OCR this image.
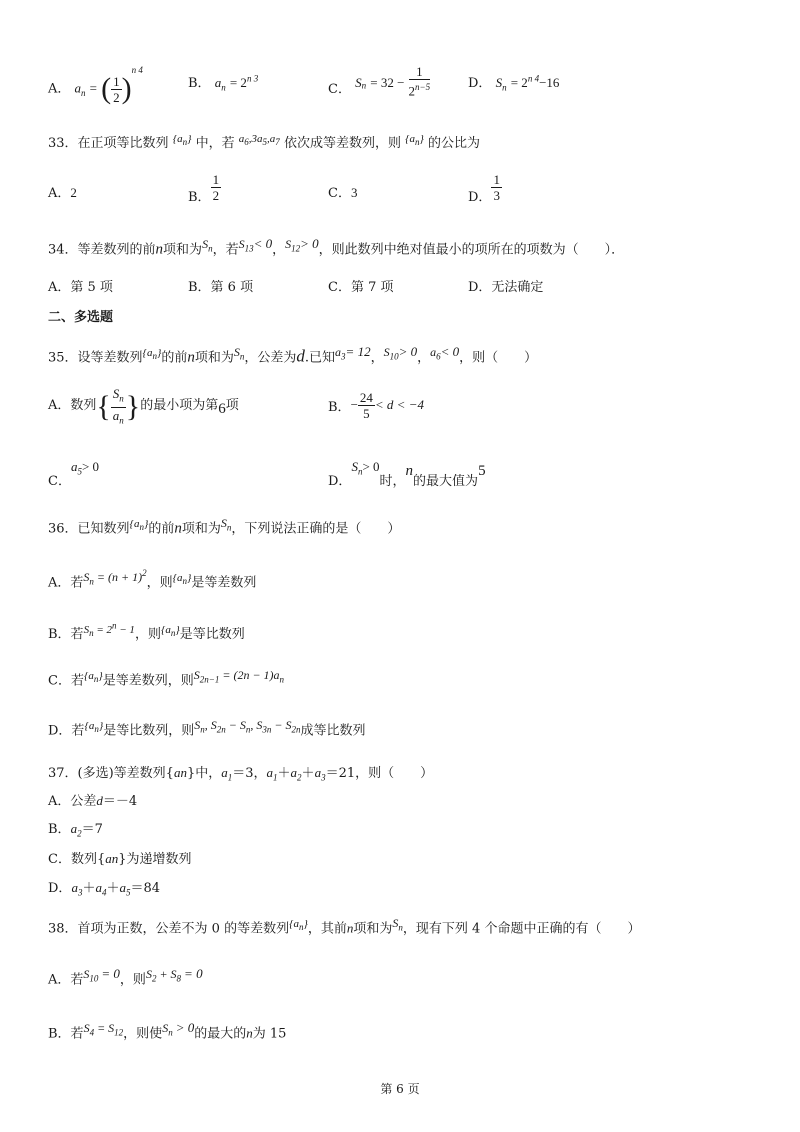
A． $a_n$ = ( $\frac{1}{2} )^{n 4}$
B． $a_n = 2^{n 3}$
C． $S_n = 32 - \frac{1}{2^{n-5}}$	D． $S_n = 2^{n 4}-16$
33．在正项等比数列 $^{\{a_n\}}$ 中，若 $^{a_6,3a_5,a_7}$ 依次成等差数列，则 $^{\{a_n\}}$ 的公比为
A．2	B． $\frac{1}{2}$	C．3	D． $\frac{1}{3}$
34．等差数列的前n项和为$^{S_n}$，若$^{S_{13}< 0}$，$^{S_{12}> 0}$，则此数列中绝对值最小的项所在的项数为（　　）．
A．第 5 项	B．第 6 项	C．第 7 项	D．无法确定
二、多选题
35．设等差数列$^{\{a_n\}}$的前n项和为$^{S_n}$，公差为d.已知$^{a_3= 12}$，$^{S_{10}> 0}$，$^{a_6< 0}$，则（　　）
A．数列{ $\frac{S_n}{a_n}$ }的最小项为第6项	B．− $\frac{24}{5} < d < -4$
C．$a_5> 0$
D．$S_n> 0$时，n的最大值为5
36．已知数列$^{\{a_n\}}$的前n项和为$^{S_n}$，下列说法正确的是（　　）
A．若$^{S_n = (n + 1)^2}$，则$^{\{a_n\}}$是等差数列
B．若$^{S_n = 2^n - 1}$，则$^{\{a_n\}}$是等比数列
C．若$^{\{a_n\}}$是等差数列，则$^{S_{2n-1} = (2n - 1)a_n}$
D．若$^{\{a_n\}}$是等比数列，则$^{S_n, S_{2n} - S_n, S_{3n} - S_{2n}}$成等比数列
37．(多选)等差数列{an}中，$a_1=3$，$a_1+a_2+a_3=21$，则（　　）
A．公差d＝－4
B．$a_2=7$
C．数列{an}为递增数列
D．$a_3+a_4+a_5=84$
38．首项为正数，公差不为 0 的等差数列$^{\{a_n\}}$，其前n项和为$^{S_n}$，现有下列 4 个命题中正确的有（　　）
A．若$^{S_{10} = 0}$，则$^{S_2 + S_8 = 0}$
B．若$^{S_4 = S_{12}}$，则使$^{S_n > 0}$的最大的n为 15
第 6 页
